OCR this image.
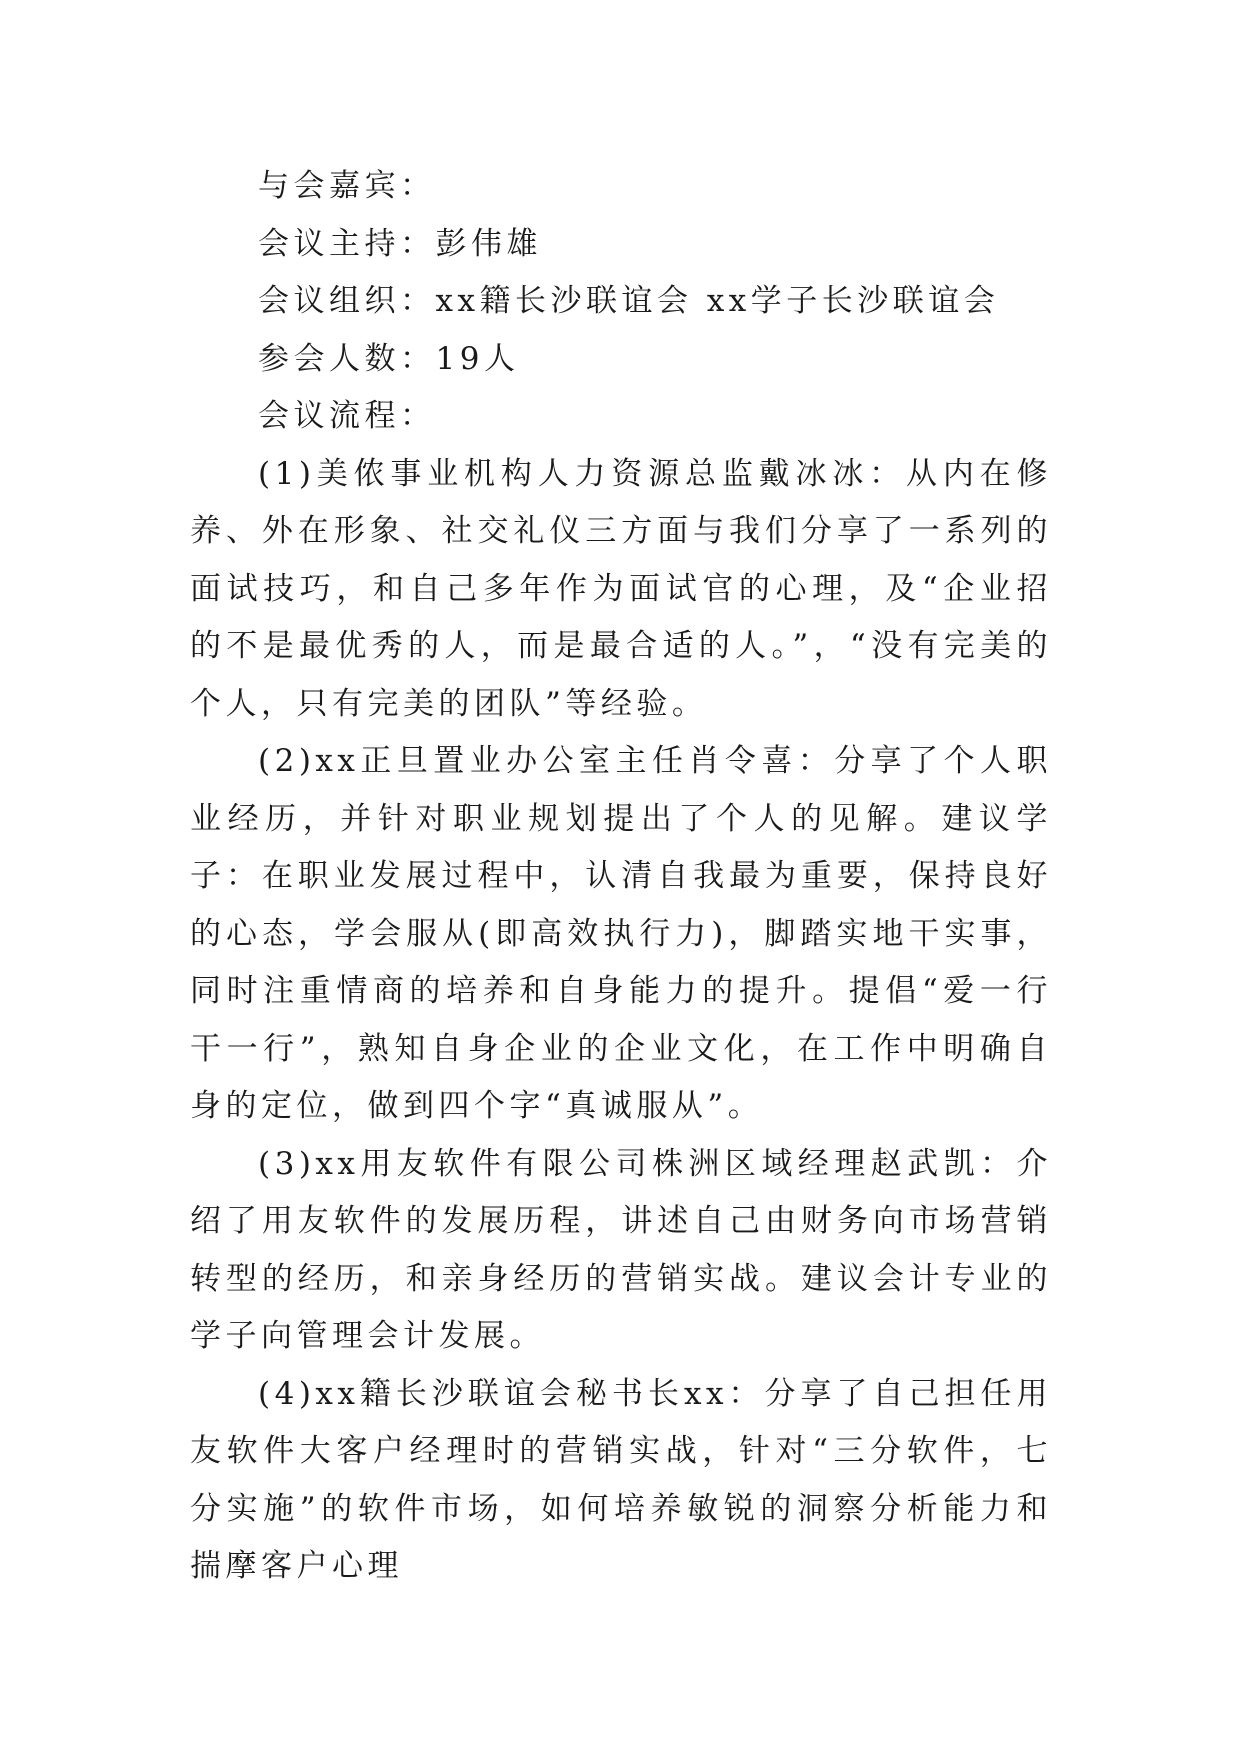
与会嘉宾：

会议主持：彭伟雄

会议组织：xx籍长沙联谊会 xx学子长沙联谊会

参会人数：19人

会议流程：

(1)美侬事业机构人力资源总监戴冰冰：从内在修养、外在形象、社交礼仪三方面与我们分享了一系列的面试技巧，和自己多年作为面试官的心理，及“企业招的不是最优秀的人，而是最合适的人。”，“没有完美的个人，只有完美的团队”等经验。

(2)xx正旦置业办公室主任肖令喜：分享了个人职业经历，并针对职业规划提出了个人的见解。建议学子：在职业发展过程中，认清自我最为重要，保持良好的心态，学会服从(即高效执行力)，脚踏实地干实事，同时注重情商的培养和自身能力的提升。提倡“爱一行干一行”，熟知自身企业的企业文化，在工作中明确自身的定位，做到四个字“真诚服从”。

(3)xx用友软件有限公司株洲区域经理赵武凯：介绍了用友软件的发展历程，讲述自己由财务向市场营销转型的经历，和亲身经历的营销实战。建议会计专业的学子向管理会计发展。

(4)xx籍长沙联谊会秘书长xx：分享了自己担任用友软件大客户经理时的营销实战，针对“三分软件，七分实施”的软件市场，如何培养敏锐的洞察分析能力和揣摩客户心理
